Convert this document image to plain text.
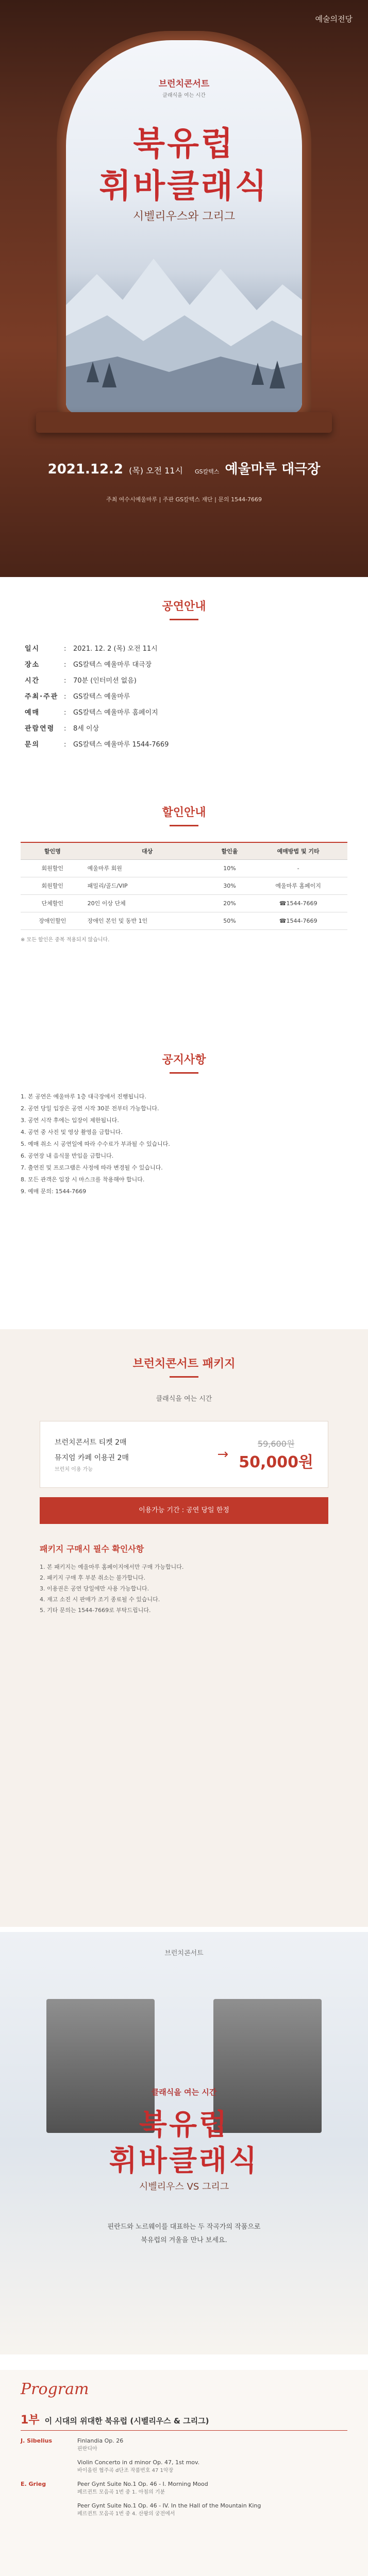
예술의전당
브런치콘서트
클래식을 여는 시간
북유럽
휘바클래식
시벨리우스와 그리그
2021.12.2 (목) 오전 11시 GS칼텍스 예울마루 대극장
주최 여수시예울마루 | 주관 GS칼텍스 재단 | 문의 1544-7669
공연안내
일시	:	2021. 12. 2 (목) 오전 11시
장소	:	GS칼텍스 예울마루 대극장
시간	:	70분 (인터미션 없음)
주최·주관 :	GS칼텍스 예울마루
예매	:	GS칼텍스 예울마루 홈페이지
관람연령	:	8세 이상
문의	:	GS칼텍스 예울마루 1544-7669
할인안내
할인명	대상	할인율	예매방법 및 기타
회원할인	예울마루 회원	10%	-
회원할인	패밀리/골드/VIP	30%	예울마루 홈페이지
단체할인	20인 이상 단체	20%	☎1544-7669
장애인할인	장애인 본인 및 동반 1인	50%	☎1544-7669
※ 모든 할인은 중복 적용되지 않습니다.
공지사항
1. 본 공연은 예울마루 1층 대극장에서 진행됩니다.
2. 공연 당일 입장은 공연 시작 30분 전부터 가능합니다.
3. 공연 시작 후에는 입장이 제한됩니다.
4. 공연 중 사진 및 영상 촬영을 금합니다.
5. 예매 취소 시 공연일에 따라 수수료가 부과될 수 있습니다.
6. 공연장 내 음식물 반입을 금합니다.
7. 출연진 및 프로그램은 사정에 따라 변경될 수 있습니다.
8. 모든 관객은 입장 시 마스크를 착용해야 합니다.
9. 예매 문의: 1544-7669
브런치콘서트 패키지
클래식을 여는 시간
브런치콘서트 티켓 2매
뮤지엄 카페 이용권 2매
브런치 이용 가능
→
59,600원
50,000원
이용가능 기간 : 공연 당일 한정
패키지 구매시 필수 확인사항
1. 본 패키지는 예울마루 홈페이지에서만 구매 가능합니다.
2. 패키지 구매 후 부분 취소는 불가합니다.
3. 이용권은 공연 당일에만 사용 가능합니다.
4. 재고 소진 시 판매가 조기 종료될 수 있습니다.
5. 기타 문의는 1544-7669로 부탁드립니다.
브런치콘서트
클래식을 여는 시간
북유럽
휘바클래식
시벨리우스 VS 그리그
핀란드와 노르웨이를 대표하는 두 작곡가의 작품으로
북유럽의 겨울을 만나 보세요.
Program
1부 이 시대의 위대한 북유럽 (시벨리우스 & 그리그)
J. Sibelius	Finlandia Op. 26
핀란디아
Violin Concerto in d minor Op. 47, 1st mov.
바이올린 협주곡 d단조 작품번호 47 1악장
E. Grieg	Peer Gynt Suite No.1 Op. 46 - I. Morning Mood
페르귄트 모음곡 1번 중 1. 아침의 기분
Peer Gynt Suite No.1 Op. 46 - IV. In the Hall of the Mountain King
페르귄트 모음곡 1번 중 4. 산왕의 궁전에서
